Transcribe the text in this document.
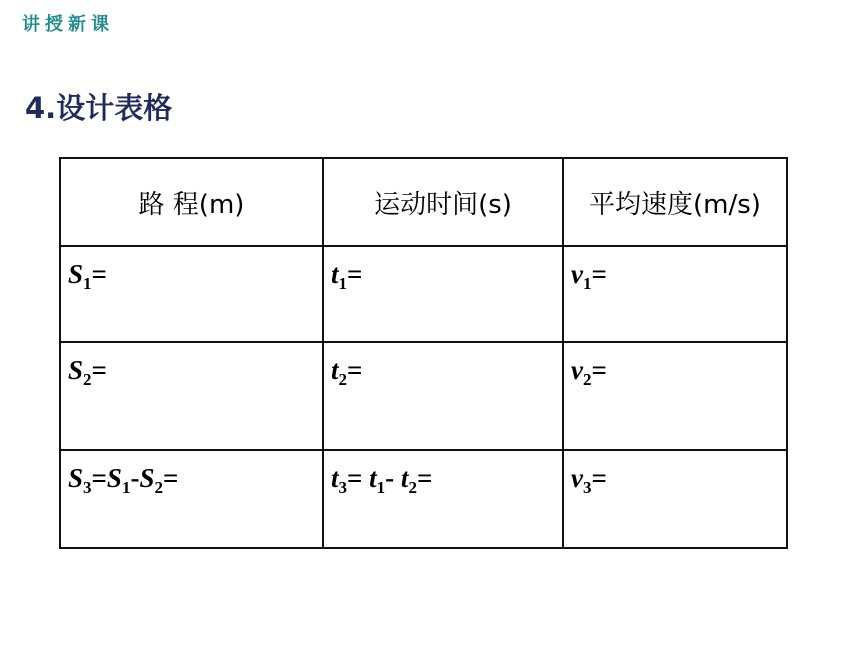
讲授新课
4.设计表格
路 程(m)	运动时间(s)	平均速度(m/s)
$S_1=$	$t_1=$	$v_1=$
$S_2=$	$t_2=$	$v_2=$
$S_3=S_1-S_2=$	$t_3= t_1-$ $t_2=$	$v_3=$
